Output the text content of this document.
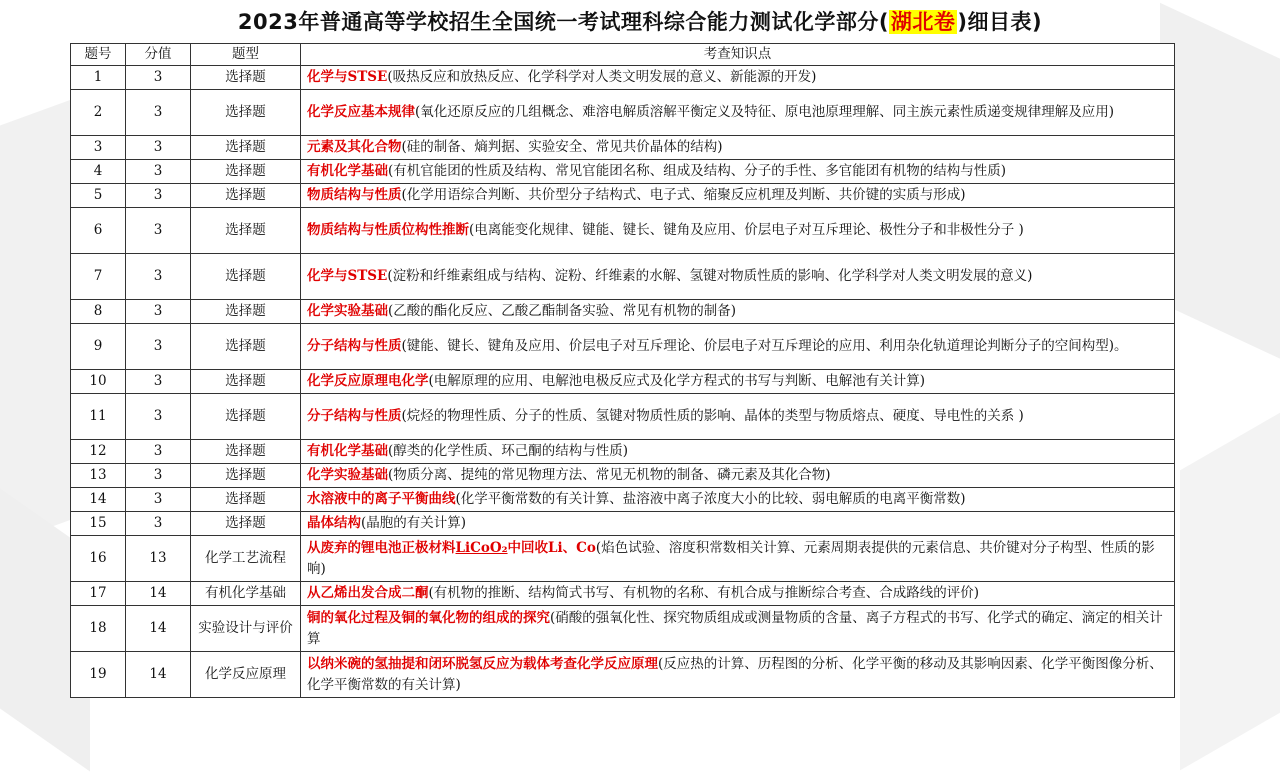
2023年普通高等学校招生全国统一考试理科综合能力测试化学部分(湖北卷)细目表)
题号	分值	题型	考查知识点
1	3	选择题	化学与STSE(吸热反应和放热反应、化学科学对人类文明发展的意义、新能源的开发)
2	3	选择题	化学反应基本规律(氧化还原反应的几组概念、难溶电解质溶解平衡定义及特征、原电池原理理解、同主族元素性质递变规律理解及应用)
3	3	选择题	元素及其化合物(硅的制备、熵判据、实验安全、常见共价晶体的结构)
4	3	选择题	有机化学基础(有机官能团的性质及结构、常见官能团名称、组成及结构、分子的手性、多官能团有机物的结构与性质)
5	3	选择题	物质结构与性质(化学用语综合判断、共价型分子结构式、电子式、缩聚反应机理及判断、共价键的实质与形成)
6	3	选择题	物质结构与性质位构性推断(电离能变化规律、键能、键长、键角及应用、价层电子对互斥理论、极性分子和非极性分子 )
7	3	选择题	化学与STSE(淀粉和纤维素组成与结构、淀粉、纤维素的水解、氢键对物质性质的影响、化学科学对人类文明发展的意义)
8	3	选择题	化学实验基础(乙酸的酯化反应、乙酸乙酯制备实验、常见有机物的制备)
9	3	选择题	分子结构与性质(键能、键长、键角及应用、价层电子对互斥理论、价层电子对互斥理论的应用、利用杂化轨道理论判断分子的空间构型)。
10	3	选择题	化学反应原理电化学(电解原理的应用、电解池电极反应式及化学方程式的书写与判断、电解池有关计算)
11	3	选择题	分子结构与性质(烷烃的物理性质、分子的性质、氢键对物质性质的影响、晶体的类型与物质熔点、硬度、导电性的关系 )
12	3	选择题	有机化学基础(醇类的化学性质、环己酮的结构与性质)
13	3	选择题	化学实验基础(物质分离、提纯的常见物理方法、常见无机物的制备、磷元素及其化合物)
14	3	选择题	水溶液中的离子平衡曲线(化学平衡常数的有关计算、盐溶液中离子浓度大小的比较、弱电解质的电离平衡常数)
15	3	选择题	晶体结构(晶胞的有关计算)
16	13	化学工艺流程	从废弃的锂电池正极材料LiCoO₂中回收Li、Co(焰色试验、溶度积常数相关计算、元素周期表提供的元素信息、共价键对分子构型、性质的影响)
17	14	有机化学基础	从乙烯出发合成二酮(有机物的推断、结构简式书写、有机物的名称、有机合成与推断综合考查、合成路线的评价)
18	14	实验设计与评价	铜的氧化过程及铜的氧化物的组成的探究(硝酸的强氧化性、探究物质组成或测量物质的含量、离子方程式的书写、化学式的确定、滴定的相关计算
19	14	化学反应原理	以纳米碗的氢抽提和闭环脱氢反应为载体考查化学反应原理(反应热的计算、历程图的分析、化学平衡的移动及其影响因素、化学平衡图像分析、化学平衡常数的有关计算)
